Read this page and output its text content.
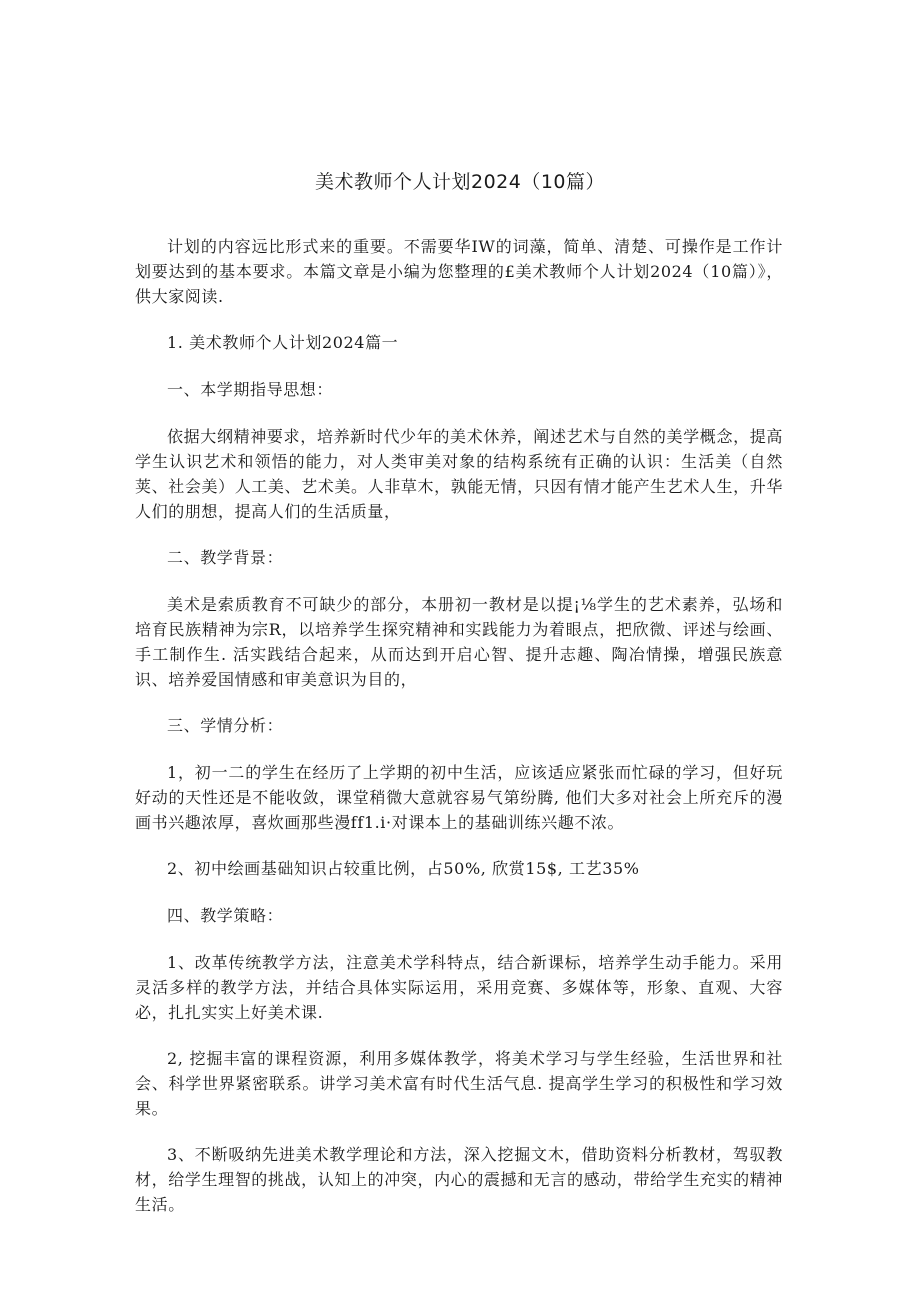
美术教师个人计划2024（10篇）

计划的内容远比形式来的重要。不需要华IW的词藻，简单、清楚、可操作是工作计划要达到的基本要求。本篇文章是小编为您整理的£美术教师个人计划2024（10篇）》，供大家阅读.

1. 美术教师个人计划2024篇一

一、本学期指导思想：

依据大纲精神要求，培养新时代少年的美术休养，阐述艺术与自然的美学概念，提高学生认识艺术和领悟的能力，对人类审美对象的结构系统有正确的认识：生活美（自然荚、社会美）人工美、艺术美。人非草木，孰能无情，只因有情才能产生艺术人生，升华人们的朋想，提高人们的生活质量，

二、教学背景：

美术是索质教育不可缺少的部分，本册初一教材是以提¡⅛学生的艺术素养，弘场和培育民族精神为宗R，以培养学生探究精神和实践能力为着眼点，把欣微、评述与绘画、手工制作生. 活实践结合起来，从而达到开启心智、提升志趣、陶冶情操，增强民族意识、培养爱国情感和审美意识为目的，

三、学情分析：

1，初一二的学生在经历了上学期的初中生活，应该适应紧张而忙碌的学习，但好玩好动的天性还是不能收敛，课堂稍微大意就容易气第纷腾, 他们大多对社会上所充斥的漫画书兴趣浓厚，喜炊画那些漫ff1.i·对课本上的基础训练兴趣不浓。

2、初中绘画基础知识占较重比例，占50%, 欣赏15$, 工艺35%

四、教学策略：

1、改革传统教学方法，注意美术学科特点，结合新课标，培养学生动手能力。采用灵活多样的教学方法，并结合具体实际运用，采用竞赛、多媒体等，形象、直观、大容必，扎扎实实上好美术课.

2, 挖掘丰富的课程资源，利用多媒体教学，将美术学习与学生经验，生活世界和社会、科学世界紧密联系。讲学习美术富有时代生活气息. 提高学生学习的积极性和学习效果。

3、不断吸纳先进美术教学理论和方法，深入挖掘文木，借助资料分析教材，驾驭教材，给学生理智的挑战，认知上的冲突，内心的震撼和无言的感动，带给学生充实的精神生活。
